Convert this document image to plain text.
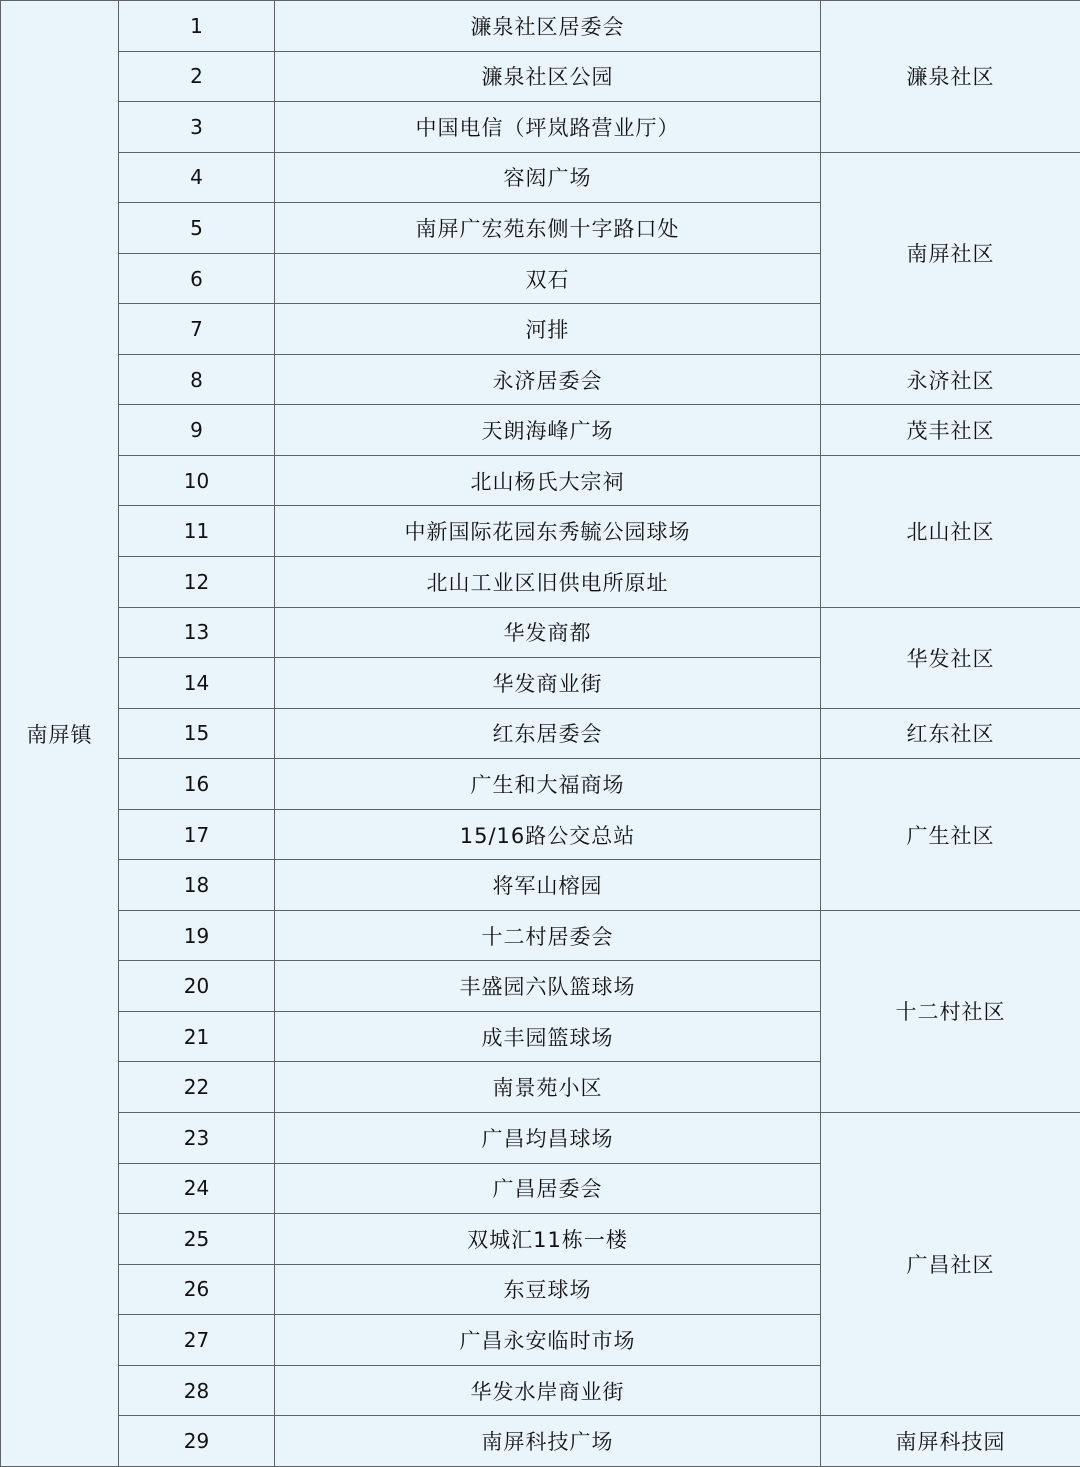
南屏镇	1	濂泉社区居委会	濂泉社区
	2	濂泉社区公园	
	3	中国电信（坪岚路营业厅）	
	4	容闳广场	南屏社区
	5	南屏广宏苑东侧十字路口处	
	6	双石	
	7	河排	
	8	永济居委会	永济社区
	9	天朗海峰广场	茂丰社区
	10	北山杨氏大宗祠	北山社区
	11	中新国际花园东秀毓公园球场	
	12	北山工业区旧供电所原址	
	13	华发商都	华发社区
	14	华发商业街	
	15	红东居委会	红东社区
	16	广生和大福商场	广生社区
	17	15/16路公交总站	
	18	将军山榕园	
	19	十二村居委会	十二村社区
	20	丰盛园六队篮球场	
	21	成丰园篮球场	
	22	南景苑小区	
	23	广昌均昌球场	广昌社区
	24	广昌居委会	
	25	双城汇11栋一楼	
	26	东豆球场	
	27	广昌永安临时市场	
	28	华发水岸商业街	
	29	南屏科技广场	南屏科技园
